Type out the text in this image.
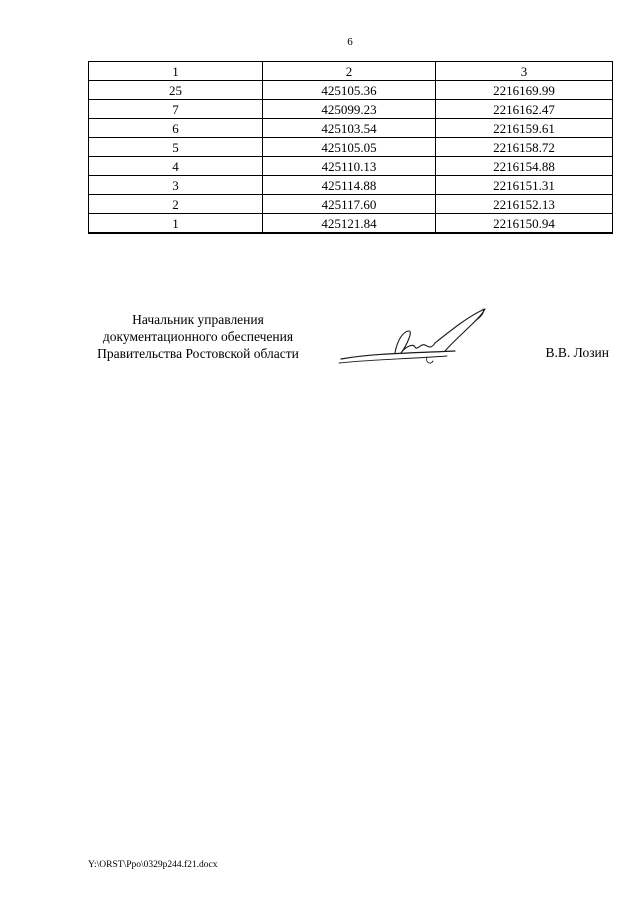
6
1	2	3
25	425105.36	2216169.99
7	425099.23	2216162.47
6	425103.54	2216159.61
5	425105.05	2216158.72
4	425110.13	2216154.88
3	425114.88	2216151.31
2	425117.60	2216152.13
1	425121.84	2216150.94
Начальник управления
документационного обеспечения
Правительства Ростовской области	В.В. Лозин
Y:\ORST\Ppo\0329p244.f21.docx
